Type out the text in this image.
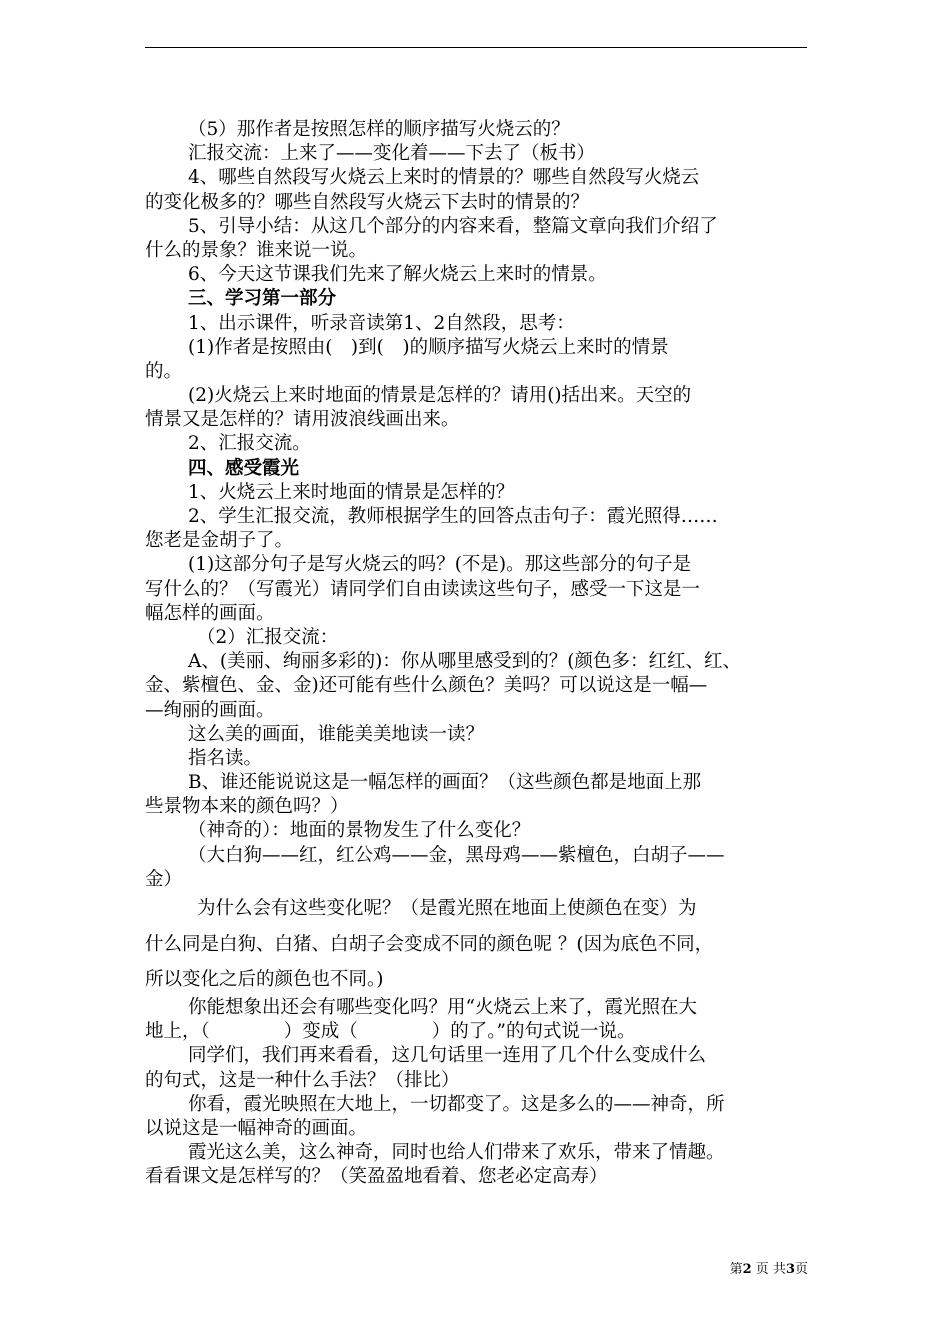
（5）那作者是按照怎样的顺序描写火烧云的？
汇报交流：上来了——变化着——下去了（板书）
4、哪些自然段写火烧云上来时的情景的？哪些自然段写火烧云
的变化极多的？哪些自然段写火烧云下去时的情景的？
5、引导小结：从这几个部分的内容来看，整篇文章向我们介绍了
什么的景象？谁来说一说。
6、今天这节课我们先来了解火烧云上来时的情景。
三、学习第一部分
1、出示课件，听录音读第1、2自然段，思考：
(1)作者是按照由(　)到(　)的顺序描写火烧云上来时的情景
的。
(2)火烧云上来时地面的情景是怎样的？请用()括出来。天空的
情景又是怎样的？请用波浪线画出来。
2、汇报交流。
四、感受霞光
1、火烧云上来时地面的情景是怎样的？
2、学生汇报交流，教师根据学生的回答点击句子：霞光照得……
您老是金胡子了。
(1)这部分句子是写火烧云的吗？(不是)。那这些部分的句子是
写什么的？（写霞光）请同学们自由读读这些句子，感受一下这是一
幅怎样的画面。
（2）汇报交流：
A、(美丽、绚丽多彩的)：你从哪里感受到的？(颜色多：红红、红、
金、紫檀色、金、金)还可能有些什么颜色？美吗？可以说这是一幅—
—绚丽的画面。
这么美的画面，谁能美美地读一读？
指名读。
B、谁还能说说这是一幅怎样的画面？（这些颜色都是地面上那
些景物本来的颜色吗？）
（神奇的）：地面的景物发生了什么变化？
（大白狗——红，红公鸡——金，黑母鸡——紫檀色，白胡子——
金）
为什么会有这些变化呢？（是霞光照在地面上使颜色在变）为
什么同是白狗、白猪、白胡子会变成不同的颜色呢 ？(因为底色不同，
所以变化之后的颜色也不同。)
你能想象出还会有哪些变化吗？用“火烧云上来了，霞光照在大
地上，（　　　　）变成（　　　　）的了。”的句式说一说。
同学们，我们再来看看，这几句话里一连用了几个什么变成什么
的句式，这是一种什么手法？（排比）
你看，霞光映照在大地上，一切都变了。这是多么的——神奇，所
以说这是一幅神奇的画面。
霞光这么美，这么神奇，同时也给人们带来了欢乐，带来了情趣。
看看课文是怎样写的？（笑盈盈地看着、您老必定高寿）
第2 页 共3页
